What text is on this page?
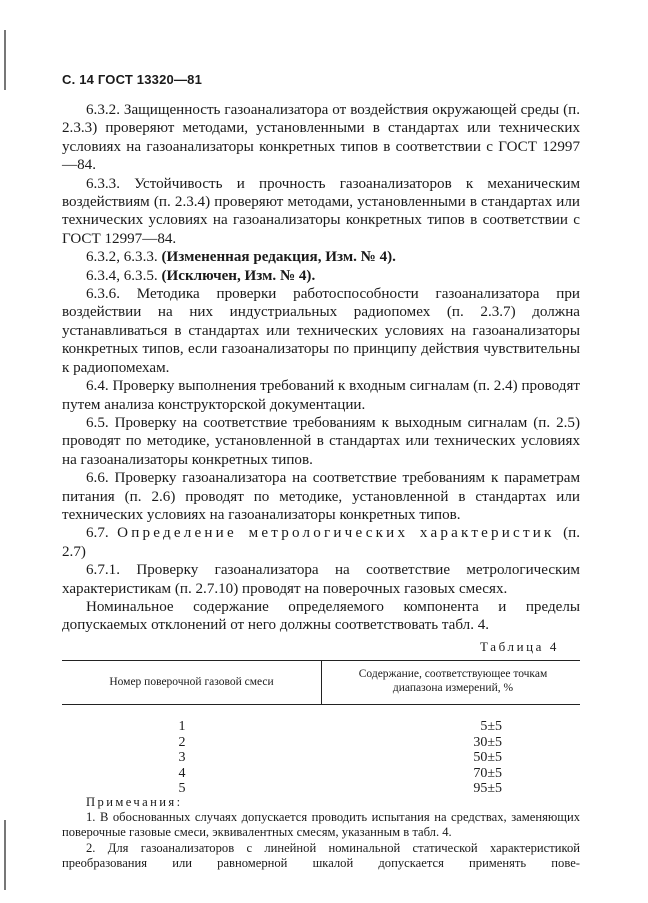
С. 14 ГОСТ 13320—81

6.3.2. Защищенность газоанализатора от воздействия окружающей среды (п. 2.3.3) проверяют методами, установленными в стандартах или технических условиях на газоанализаторы конкретных типов в соответствии с ГОСТ 12997—84.

6.3.3. Устойчивость и прочность газоанализаторов к механическим воздействиям (п. 2.3.4) проверяют методами, установленными в стандартах или технических условиях на газоанализаторы конкретных типов в соответствии с ГОСТ 12997—84.

6.3.2, 6.3.3. (Измененная редакция, Изм. № 4).

6.3.4, 6.3.5. (Исключен, Изм. № 4).

6.3.6. Методика проверки работоспособности газоанализатора при воздействии на них индустриальных радиопомех (п. 2.3.7) должна устанавливаться в стандартах или технических условиях на газоанализаторы конкретных типов, если газоанализаторы по принципу действия чувствительны к радиопомехам.

6.4. Проверку выполнения требований к входным сигналам (п. 2.4) проводят путем анализа конструкторской документации.

6.5. Проверку на соответствие требованиям к выходным сигналам (п. 2.5) проводят по методике, установленной в стандартах или технических условиях на газоанализаторы конкретных типов.

6.6. Проверку газоанализатора на соответствие требованиям к параметрам питания (п. 2.6) проводят по методике, установленной в стандартах или технических условиях на газоанализаторы конкретных типов.

6.7. Определение метрологических характеристик (п. 2.7)

6.7.1. Проверку газоанализатора на соответствие метрологическим характеристикам (п. 2.7.10) проводят на поверочных газовых смесях.

Номинальное содержание определяемого компонента и пределы допускаемых отклонений от него должны соответствовать табл. 4.

Таблица 4
Номер поверочной газовой смеси
Содержание, соответствующее точкам
диапазона измерений, %
1
2
3
4
5
5±5
30±5
50±5
70±5
95±5

Примечания:

1. В обоснованных случаях допускается проводить испытания на средствах, заменяющих поверочные газовые смеси, эквивалентных смесям, указанным в табл. 4.

2. Для газоанализаторов с линейной номинальной статической характеристикой преобразования или равномерной шкалой допускается применять пове-
